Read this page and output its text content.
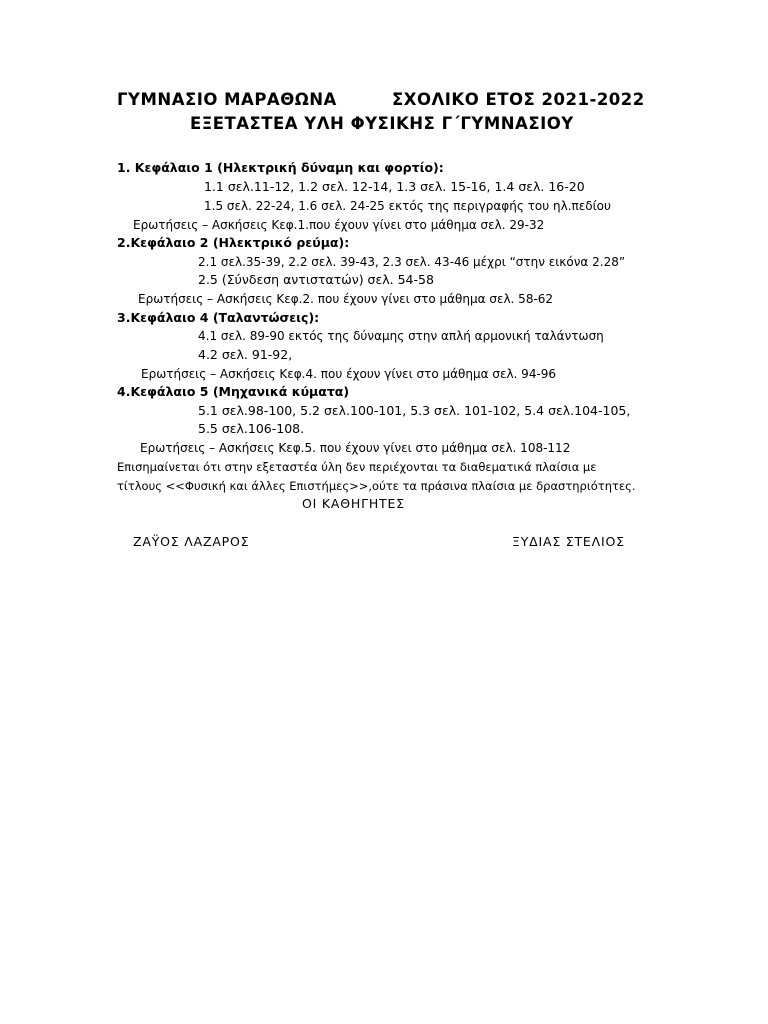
ΓΥΜΝΑΣΙΟ ΜΑΡΑΘΩΝΑ	ΣΧΟΛΙΚΟ ΕΤΟΣ 2021-2022
ΕΞΕΤΑΣΤΕΑ ΥΛΗ ΦΥΣΙΚΗΣ Γ΄ΓΥΜΝΑΣΙΟΥ
1. Κεφάλαιο 1 (Ηλεκτρική δύναμη και φορτίο):
1.1 σελ.11-12, 1.2 σελ. 12-14, 1.3 σελ. 15-16, 1.4 σελ. 16-20
1.5 σελ. 22-24, 1.6 σελ. 24-25 εκτός της περιγραφής του ηλ.πεδίου
Ερωτήσεις – Ασκήσεις Κεφ.1.που έχουν γίνει στο μάθημα σελ. 29-32
2.Κεφάλαιο 2 (Ηλεκτρικό ρεύμα):
2.1 σελ.35-39, 2.2 σελ. 39-43, 2.3 σελ. 43-46 μέχρι “στην εικόνα 2.28”
2.5 (Σύνδεση αντιστατών) σελ. 54-58
Ερωτήσεις – Ασκήσεις Κεφ.2. που έχουν γίνει στο μάθημα σελ. 58-62
3.Κεφάλαιο 4 (Ταλαντώσεις):
4.1 σελ. 89-90 εκτός της δύναμης στην απλή αρμονική ταλάντωση
4.2 σελ. 91-92,
Ερωτήσεις – Ασκήσεις Κεφ.4. που έχουν γίνει στο μάθημα σελ. 94-96
4.Κεφάλαιο 5 (Μηχανικά κύματα)
5.1 σελ.98-100, 5.2 σελ.100-101, 5.3 σελ. 101-102, 5.4 σελ.104-105,
5.5 σελ.106-108.
Ερωτήσεις – Ασκήσεις Κεφ.5. που έχουν γίνει στο μάθημα σελ. 108-112
Επισημαίνεται ότι στην εξεταστέα ύλη δεν περιέχονται τα διαθεματικά πλαίσια με
τίτλους <<Φυσική και άλλες Επιστήμες>>,ούτε τα πράσινα πλαίσια με δραστηριότητες.
ΟΙ ΚΑΘΗΓΗΤΕΣ
ΖΑΫΟΣ ΛΑΖΑΡΟΣ	ΞΥΔΙΑΣ ΣΤΕΛΙΟΣ
